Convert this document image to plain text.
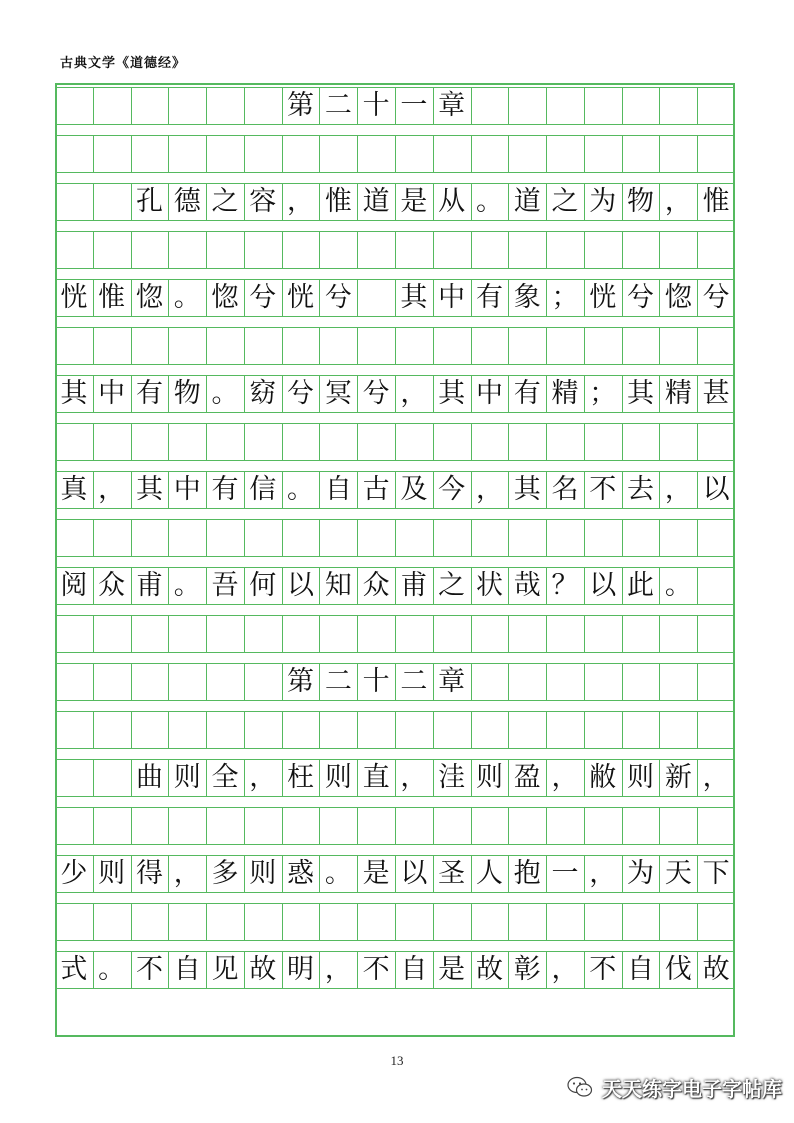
古典文学《道德经》
第 二 十 一 章
孔 德 之 容 ， 惟 道 是 从 。 道 之 为 物 ， 惟
恍 惟 惚 。 惚 兮 恍 兮 其 中 有 象 ； 恍 兮 惚 兮
其 中 有 物 。 窈 兮 冥 兮 ， 其 中 有 精 ； 其 精 甚
真 ， 其 中 有 信 。 自 古 及 今 ， 其 名 不 去 ， 以
阅 众 甫 。 吾 何 以 知 众 甫 之 状 哉 ？ 以 此 。
第 二 十 二 章
曲 则 全 ， 枉 则 直 ， 洼 则 盈 ， 敝 则 新 ，
少 则 得 ， 多 则 惑 。 是 以 圣 人 抱 一 ， 为 天 下
式 。 不 自 见 故 明 ， 不 自 是 故 彰 ， 不 自 伐 故
13
天天练字电子字帖库
